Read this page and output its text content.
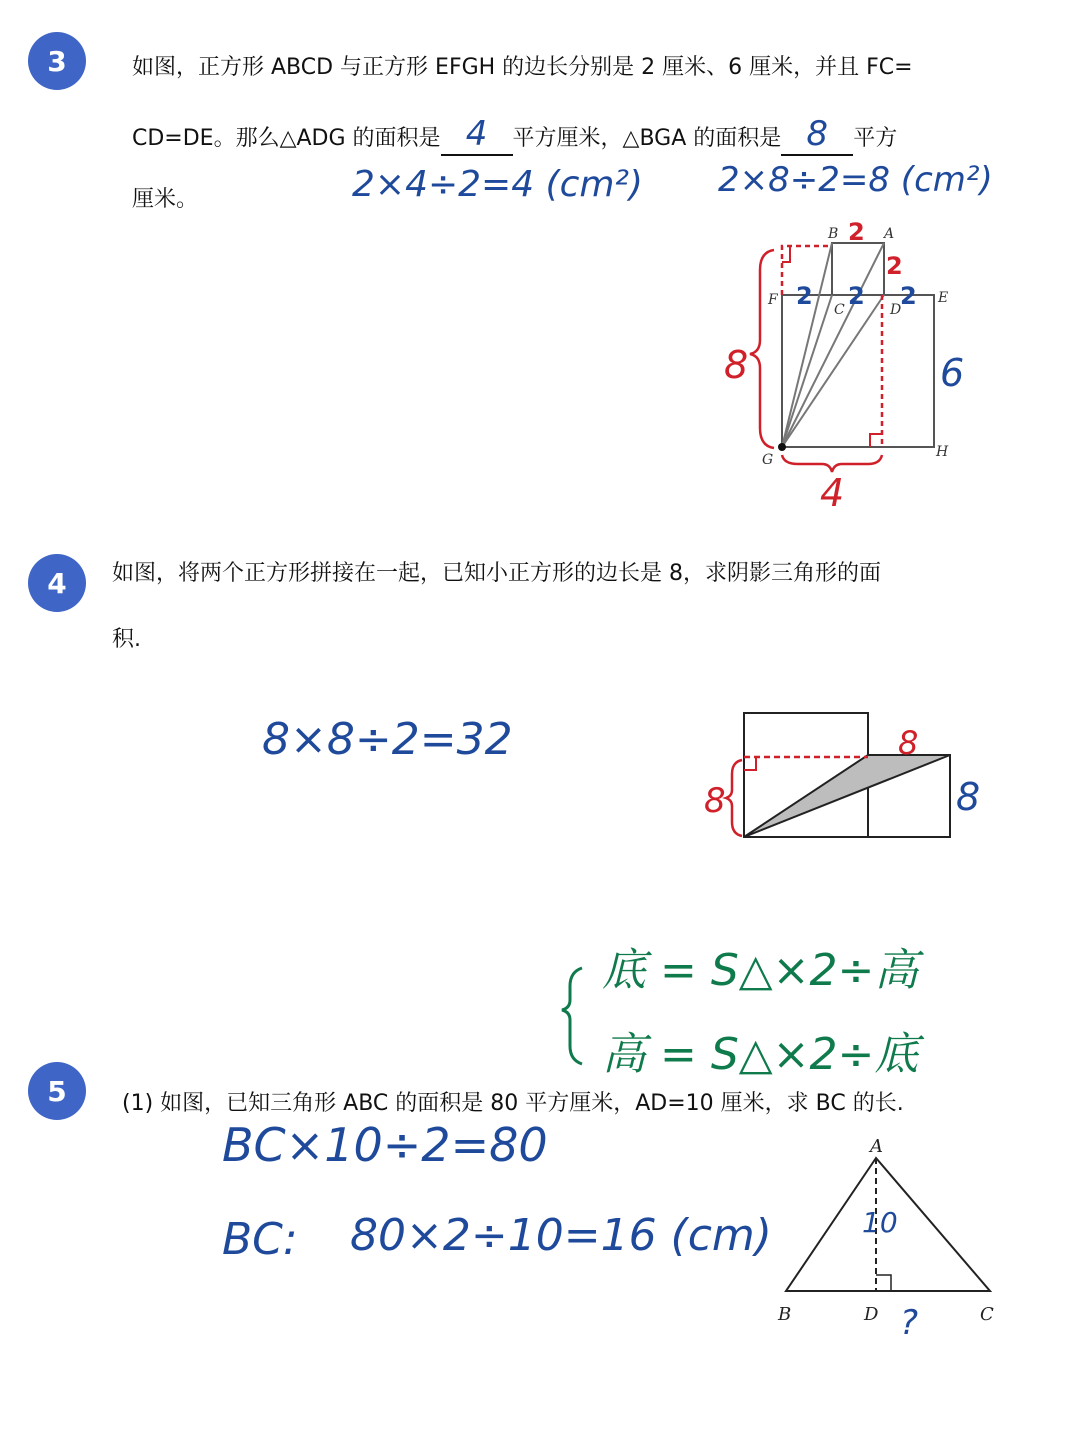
3	如图，正方形 ABCD 与正方形 EFGH 的边长分别是 2 厘米、6 厘米，并且 FC=
CD=DE。那么△ADG 的面积是 4 平方厘米，△BGA 的面积是 8 平方
厘米。	2×4÷2=4 (cm²) 2×8÷2=8 (cm²)
B	A
F
C	D
E
G	H
2
2
8
4
2 2 2
6
4	如图，将两个正方形拼接在一起，已知小正方形的边长是 8，求阴影三角形的面
积.
8×8÷2=32
8
8
8
底 = S△×2÷高
高 = S△×2÷底
5	(1) 如图，已知三角形 ABC 的面积是 80 平方厘米，AD=10 厘米，求 BC 的长.
BC×10÷2=80
BC: 80×2÷10=16 (cm)
A
B	D	C
10
?
